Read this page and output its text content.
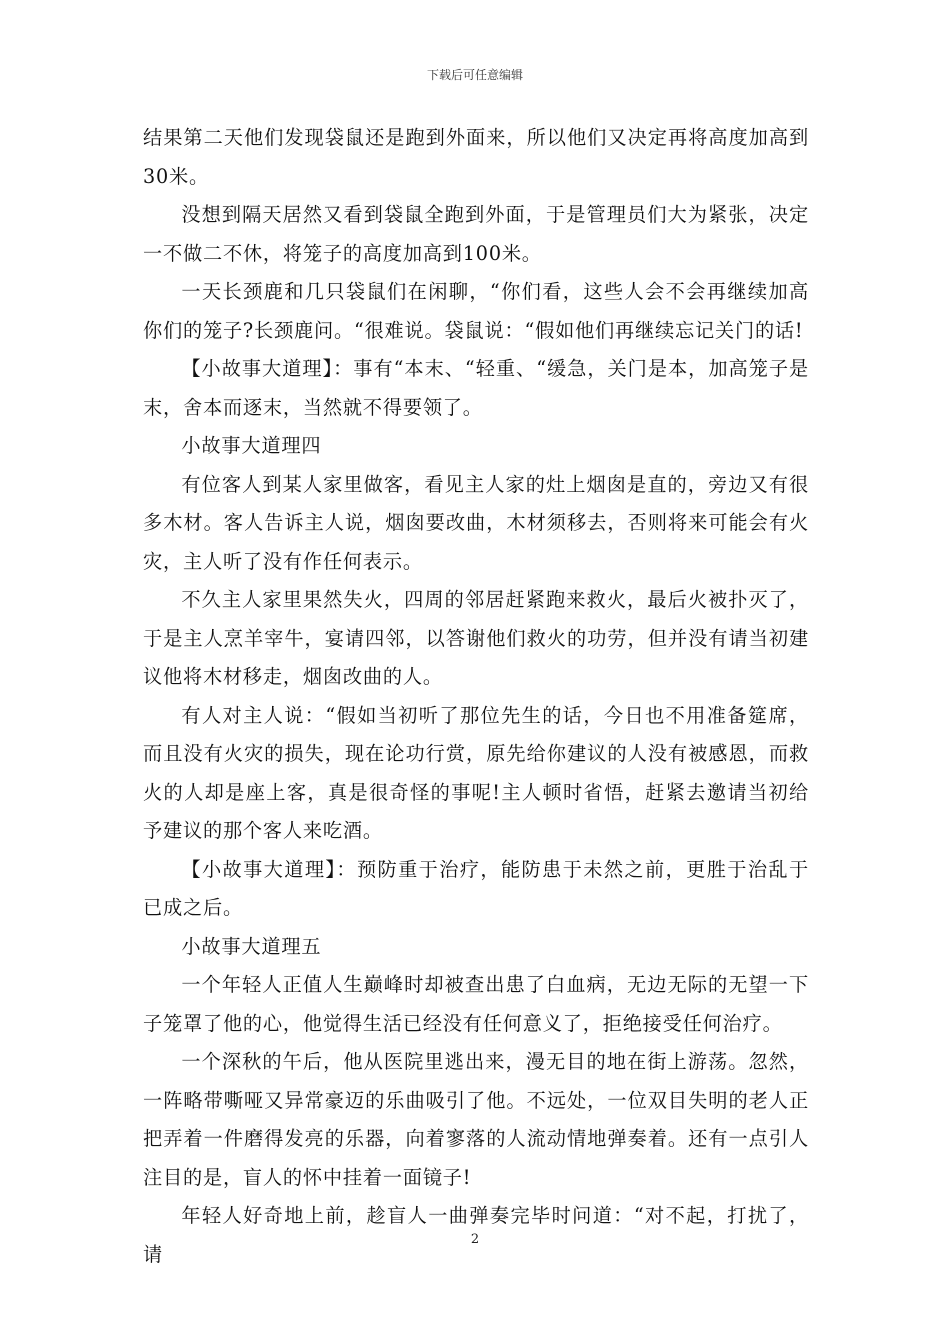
下载后可任意编辑

结果第二天他们发现袋鼠还是跑到外面来，所以他们又决定再将高度加高到30米。

没想到隔天居然又看到袋鼠全跑到外面，于是管理员们大为紧张，决定一不做二不休，将笼子的高度加高到100米。

一天长颈鹿和几只袋鼠们在闲聊，“你们看，这些人会不会再继续加高你们的笼子?长颈鹿问。“很难说。袋鼠说：“假如他们再继续忘记关门的话!

【小故事大道理】：事有“本末、“轻重、“缓急，关门是本，加高笼子是末，舍本而逐末，当然就不得要领了。

小故事大道理四

有位客人到某人家里做客，看见主人家的灶上烟囱是直的，旁边又有很多木材。客人告诉主人说，烟囱要改曲，木材须移去，否则将来可能会有火灾，主人听了没有作任何表示。

不久主人家里果然失火，四周的邻居赶紧跑来救火，最后火被扑灭了，于是主人烹羊宰牛，宴请四邻，以答谢他们救火的功劳，但并没有请当初建议他将木材移走，烟囱改曲的人。

有人对主人说：“假如当初听了那位先生的话，今日也不用准备筵席，而且没有火灾的损失，现在论功行赏，原先给你建议的人没有被感恩，而救火的人却是座上客，真是很奇怪的事呢!主人顿时省悟，赶紧去邀请当初给予建议的那个客人来吃酒。

【小故事大道理】：预防重于治疗，能防患于未然之前，更胜于治乱于已成之后。

小故事大道理五

一个年轻人正值人生巅峰时却被查出患了白血病，无边无际的无望一下子笼罩了他的心，他觉得生活已经没有任何意义了，拒绝接受任何治疗。

一个深秋的午后，他从医院里逃出来，漫无目的地在街上游荡。忽然，一阵略带嘶哑又异常豪迈的乐曲吸引了他。不远处，一位双目失明的老人正把弄着一件磨得发亮的乐器，向着寥落的人流动情地弹奏着。还有一点引人注目的是，盲人的怀中挂着一面镜子!

年轻人好奇地上前，趁盲人一曲弹奏完毕时问道：“对不起，打扰了，请

2
